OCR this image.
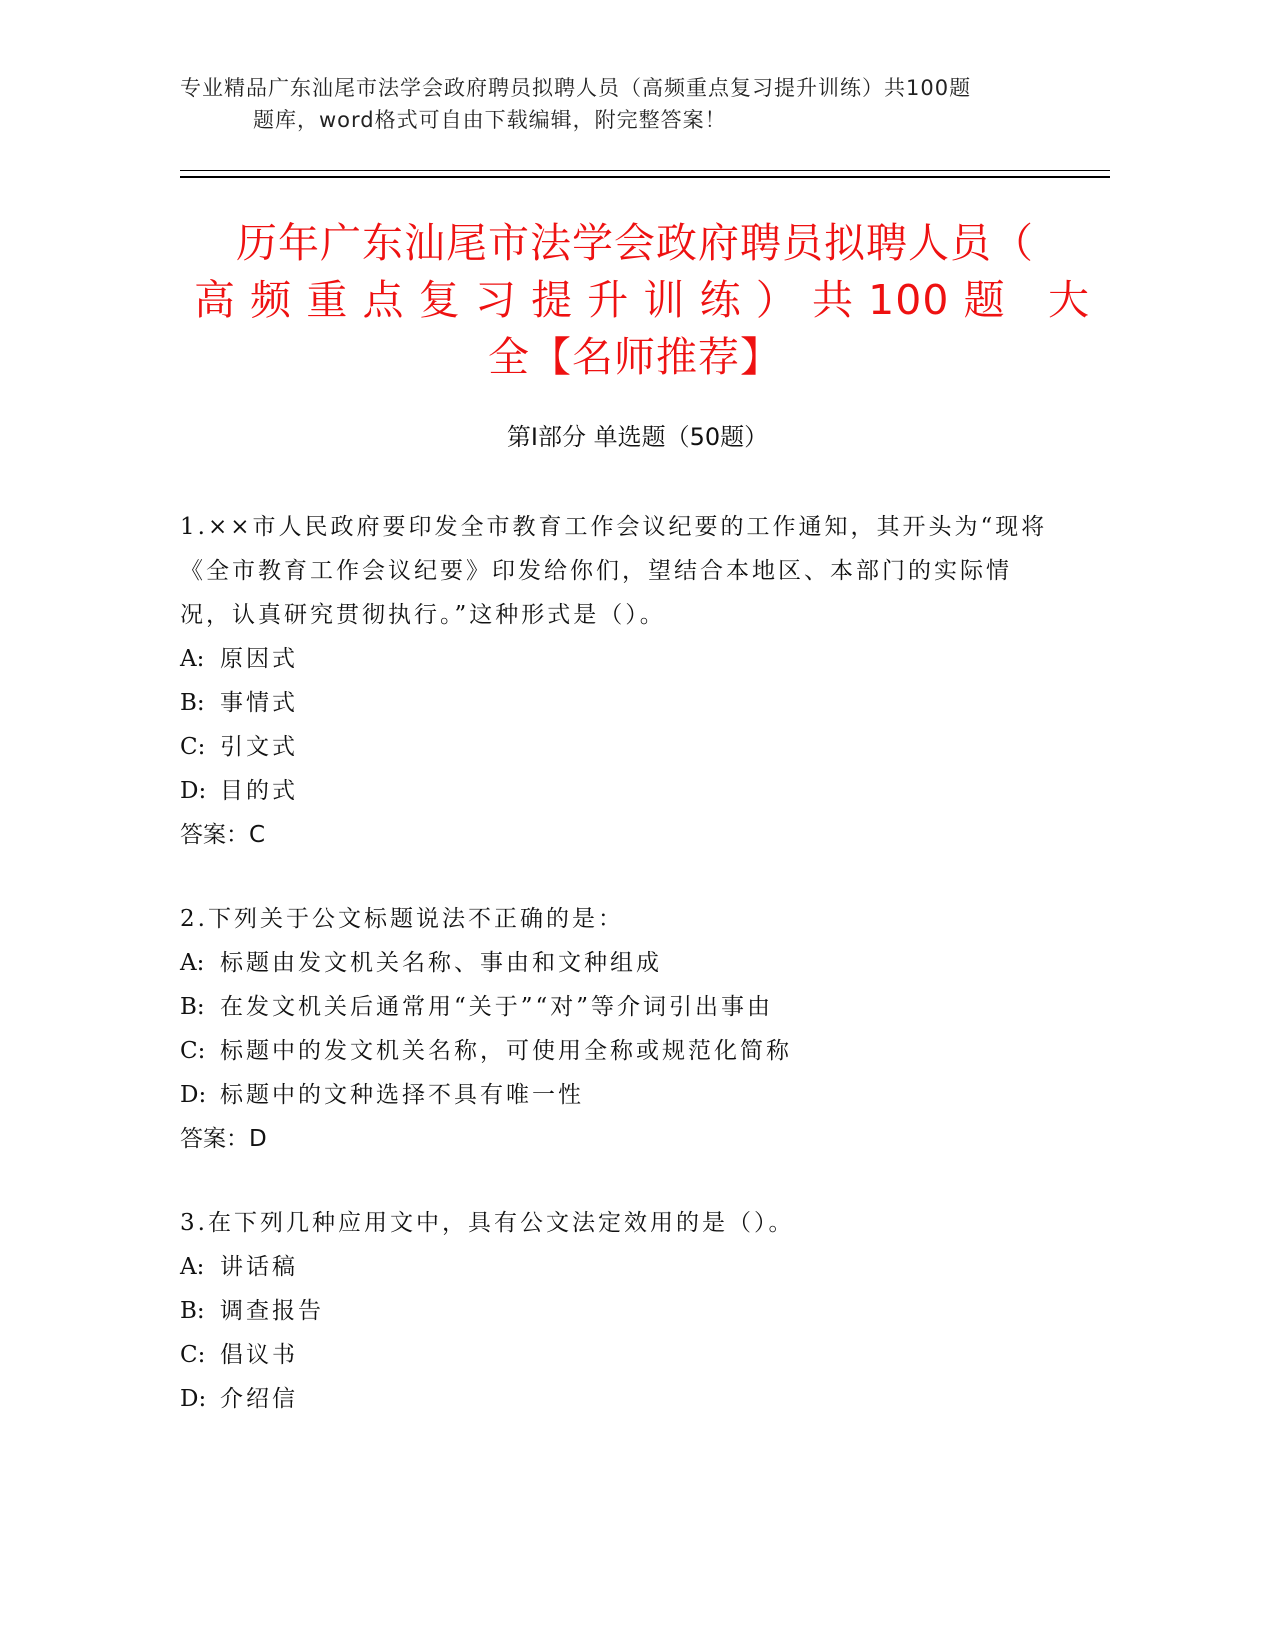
专业精品广东汕尾市法学会政府聘员拟聘人员（高频重点复习提升训练）共100题
题库，word格式可自由下载编辑，附完整答案！
历年广东汕尾市法学会政府聘员拟聘人员（
高频重点复习提升训练）共100题 大
全【名师推荐】
第Ⅰ部分 单选题（50题）
1.××市人民政府要印发全市教育工作会议纪要的工作通知，其开头为“现将《全市教育工作会议纪要》印发给你们，望结合本地区、本部门的实际情况，认真研究贯彻执行。”这种形式是（）。
A: 原因式
B: 事情式
C: 引文式
D: 目的式
答案：C
2.下列关于公文标题说法不正确的是：
A: 标题由发文机关名称、事由和文种组成
B: 在发文机关后通常用“关于”“对”等介词引出事由
C: 标题中的发文机关名称，可使用全称或规范化简称
D: 标题中的文种选择不具有唯一性
答案：D
3.在下列几种应用文中，具有公文法定效用的是（）。
A: 讲话稿
B: 调查报告
C: 倡议书
D: 介绍信
